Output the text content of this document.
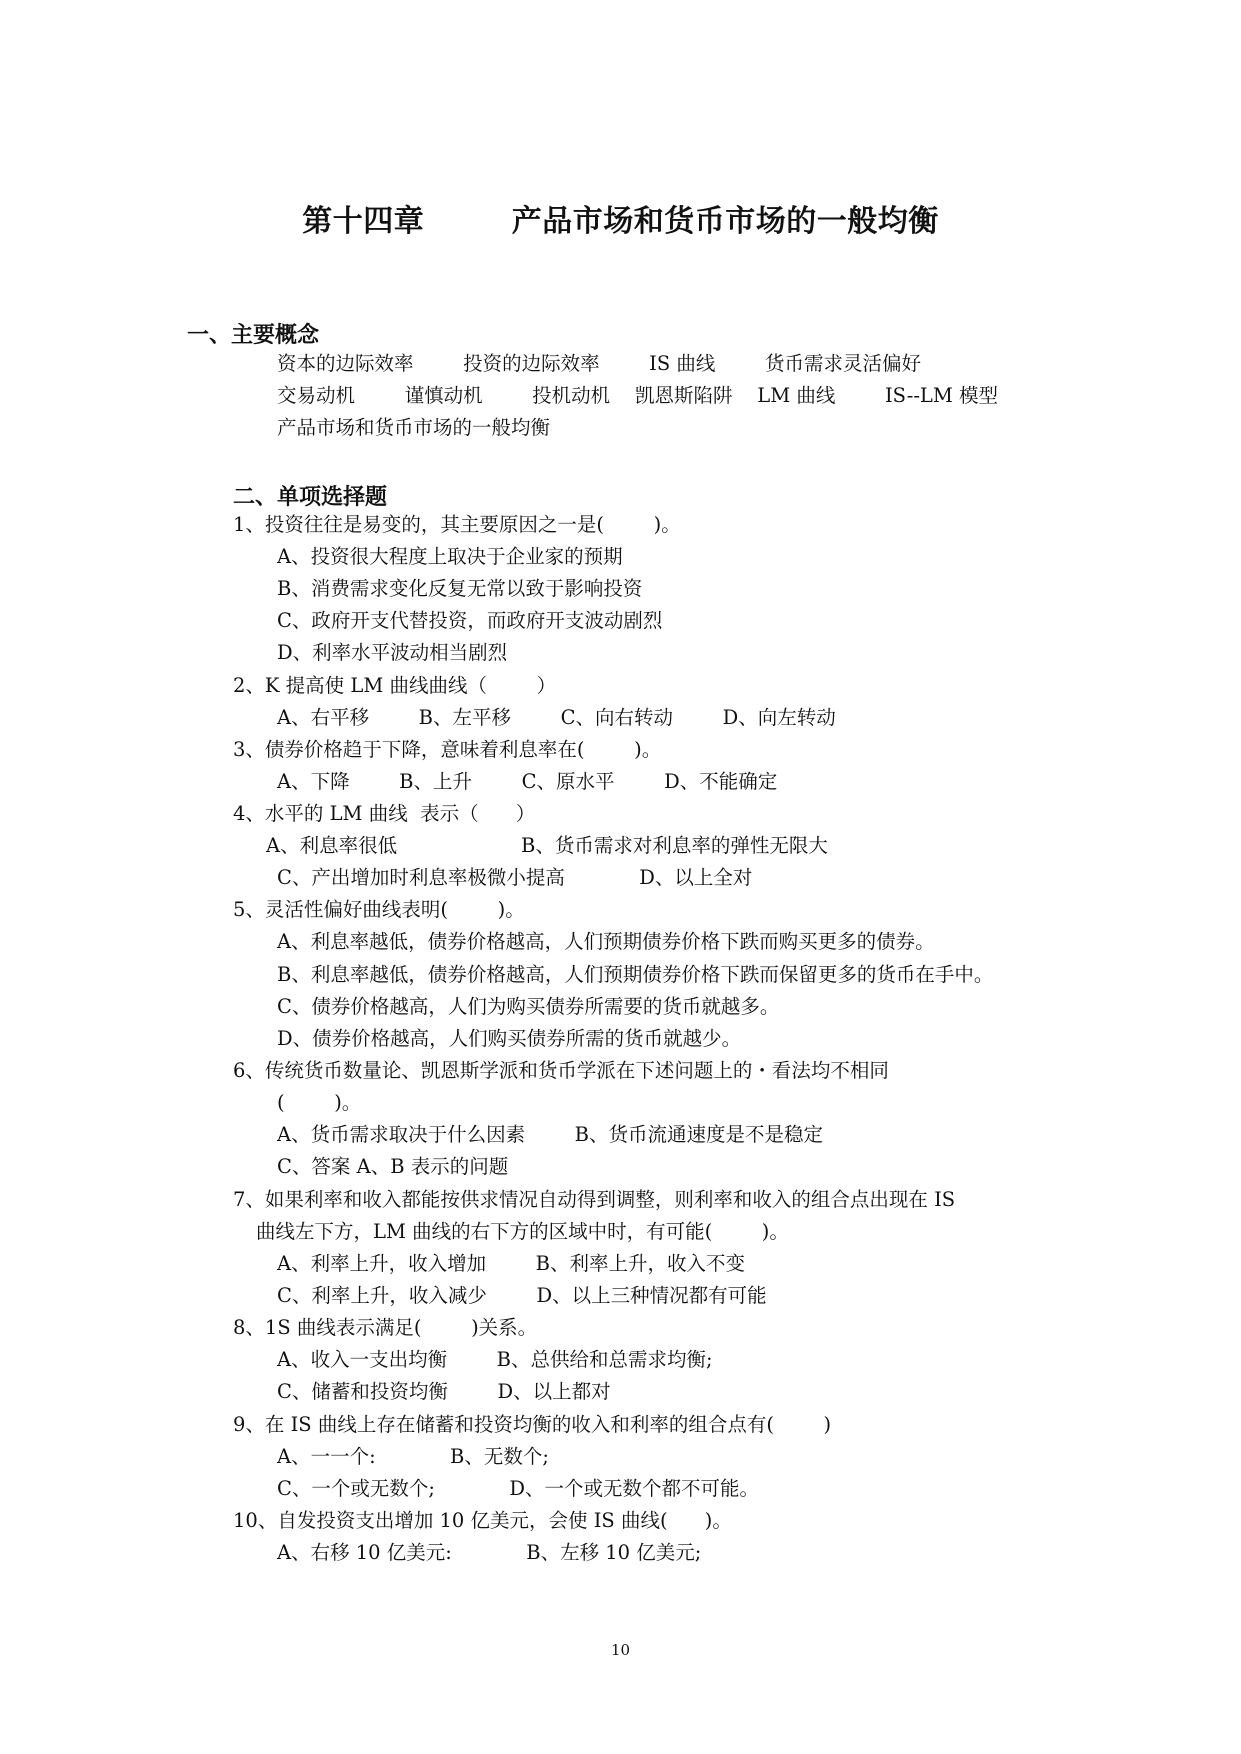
第十四章        产品市场和货币市场的一般均衡
一、主要概念
资本的边际效率        投资的边际效率        IS 曲线        货币需求灵活偏好
交易动机        谨慎动机        投机动机    凯恩斯陷阱    LM 曲线        IS--LM 模型
产品市场和货币市场的一般均衡
二、单项选择题
1、投资往往是易变的，其主要原因之一是(        )。
A、投资很大程度上取决于企业家的预期
B、消费需求变化反复无常以致于影响投资
C、政府开支代替投资，而政府开支波动剧烈
D、利率水平波动相当剧烈
2、K 提高使 LM 曲线曲线（        ）
A、右平移        B、左平移        C、向右转动        D、向左转动
3、债券价格趋于下降，意味着利息率在(        )。
A、下降        B、上升        C、原水平        D、不能确定
4、水平的 LM 曲线  表示（      ）
A、利息率很低                    B、货币需求对利息率的弹性无限大
C、产出增加时利息率极微小提高            D、以上全对
5、灵活性偏好曲线表明(        )。
A、利息率越低，债券价格越高，人们预期债券价格下跌而购买更多的债券。
B、利息率越低，债券价格越高，人们预期债券价格下跌而保留更多的货币在手中。
C、债券价格越高，人们为购买债券所需要的货币就越多。
D、债券价格越高，人们购买债券所需的货币就越少。
6、传统货币数量论、凯恩斯学派和货币学派在下述问题上的・看法均不相同
(        )。
A、货币需求取决于什么因素        B、货币流通速度是不是稳定
C、答案 A、B 表示的问题
7、如果利率和收入都能按供求情况自动得到调整，则利率和收入的组合点出现在 IS
曲线左下方，LM 曲线的右下方的区域中时，有可能(        )。
A、利率上升，收入增加        B、利率上升，收入不变
C、利率上升，收入减少        D、以上三种情况都有可能
8、1S 曲线表示满足(        )关系。
A、收入一支出均衡        B、总供给和总需求均衡;
C、储蓄和投资均衡        D、以上都对
9、在 IS 曲线上存在储蓄和投资均衡的收入和利率的组合点有(        )
A、一一个:            B、无数个;
C、一个或无数个;            D、一个或无数个都不可能。
10、自发投资支出增加 10 亿美元，会使 IS 曲线(      )。
A、右移 10 亿美元:            B、左移 10 亿美元;
10
